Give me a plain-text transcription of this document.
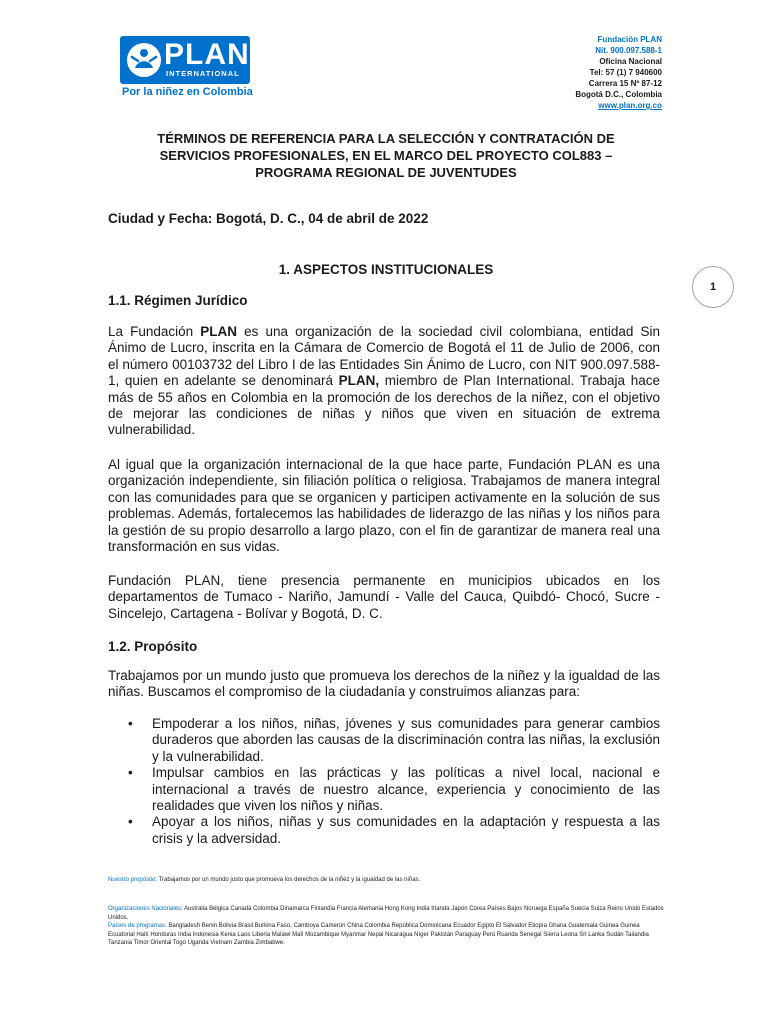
PLAN
INTERNATIONAL
Por la niñez en Colombia
Fundación PLAN
Nit. 900.097.588-1
Oficina Nacional
Tel: 57 (1) 7 940600
Carrera 15 Nº 87-12
Bogotá D.C., Colombia
www.plan.org.co
TÉRMINOS DE REFERENCIA PARA LA SELECCIÓN Y CONTRATACIÓN DE
SERVICIOS PROFESIONALES, EN EL MARCO DEL PROYECTO COL883 –
PROGRAMA REGIONAL DE JUVENTUDES
Ciudad y Fecha: Bogotá, D. C., 04 de abril de 2022
1. ASPECTOS INSTITUCIONALES
1
1.1. Régimen Jurídico

La Fundación PLAN es una organización de la sociedad civil colombiana, entidad Sin Ánimo de Lucro, inscrita en la Cámara de Comercio de Bogotá el 11 de Julio de 2006, con el número 00103732 del Libro I de las Entidades Sin Ánimo de Lucro, con NIT 900.097.588-1, quien en adelante se denominará PLAN, miembro de Plan International. Trabaja hace más de 55 años en Colombia en la promoción de los derechos de la niñez, con el objetivo de mejorar las condiciones de niñas y niños que viven en situación de extrema vulnerabilidad.

Al igual que la organización internacional de la que hace parte, Fundación PLAN es una organización independiente, sin filiación política o religiosa. Trabajamos de manera integral con las comunidades para que se organicen y participen activamente en la solución de sus problemas. Además, fortalecemos las habilidades de liderazgo de las niñas y los niños para la gestión de su propio desarrollo a largo plazo, con el fin de garantizar de manera real una transformación en sus vidas.

Fundación PLAN, tiene presencia permanente en municipios ubicados en los departamentos de Tumaco - Nariño, Jamundí - Valle del Cauca, Quibdó- Chocó, Sucre - Sincelejo, Cartagena - Bolívar y Bogotá, D. C.

1.2. Propósito

Trabajamos por un mundo justo que promueva los derechos de la niñez y la igualdad de las niñas. Buscamos el compromiso de la ciudadanía y construimos alianzas para:

• Empoderar a los niños, niñas, jóvenes y sus comunidades para generar cambios duraderos que aborden las causas de la discriminación contra las niñas, la exclusión y la vulnerabilidad.
• Impulsar cambios en las prácticas y las políticas a nivel local, nacional e internacional a través de nuestro alcance, experiencia y conocimiento de las realidades que viven los niños y niñas.
• Apoyar a los niños, niñas y sus comunidades en la adaptación y respuesta a las crisis y la adversidad.
Nuestro propósito: Trabajamos por un mundo justo que promueva los derechos de la niñez y la igualdad de las niñas.
Organizaciones Nacionales: Australia Bélgica Canadá Colombia Dinamarca Finlandia Francia Alemania Hong Kong India Irlanda Japón Corea Países Bajos Noruega España Suecia Suiza Reino Unido Estados Unidos.
Países de programas: Bangladesh Benin Bolivia Brasil Burkina Faso, Camboya Camerún China Colombia República Dominicana Ecuador Egipto El Salvador Etiopía Ghana Guatemala Guinea Guinea Ecuatorial Haití Honduras India Indonesia Kenia Laos Liberia Malawi Malí Mozambique Myanmar Nepal Nicaragua Níger Pakistán Paraguay Perú Ruanda Senegal Sierra Leona Sri Lanka Sudán Tailandia Tanzania Timor Oriental Togo Uganda Vietnam Zambia Zimbabwe.
